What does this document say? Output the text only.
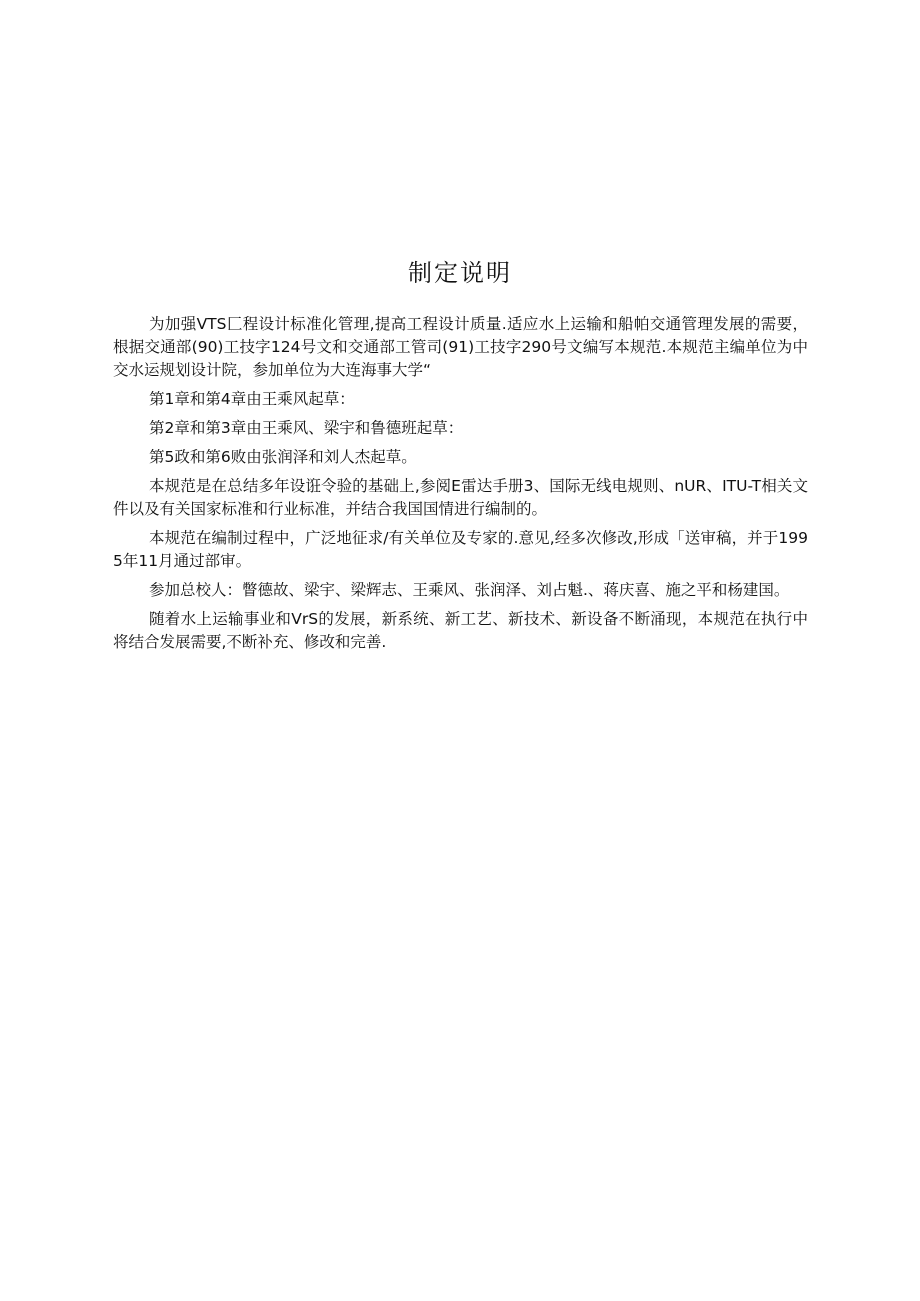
制定说明

为加强VTS匚程设计标准化管理,提高工程设计质量.适应水上运输和船帕交通管理发展的需要，根据交通部(90)工技字124号文和交通部工管司(91)工技字290号文编写本规范.本规范主编单位为中交水运规划设计院，参加单位为大连海事大学“

第1章和第4章由王乘风起草：

第2章和第3章由王乘风、梁宇和鲁德班起草：

第5政和第6败由张润泽和刘人杰起草。

本规范是在总结多年设诳令验的基础上,参阅E雷达手册3、国际无线电规则、nUR、ITU-T相关文件以及有关国家标准和行业标准，并结合我国国情进行编制的。

本规范在编制过程中，广泛地征求/有关单位及专家的.意见,经多次修改,形成「送审稿，并于1995年11月通过部审。

参加总校人：瞥德故、梁宇、梁辉志、王乘风、张润泽、刘占魁.、蒋庆喜、施之平和杨建国。

随着水上运输事业和VrS的发展，新系统、新工艺、新技术、新设备不断涌现，本规范在执行中将结合发展需要,不断补充、修改和完善.
